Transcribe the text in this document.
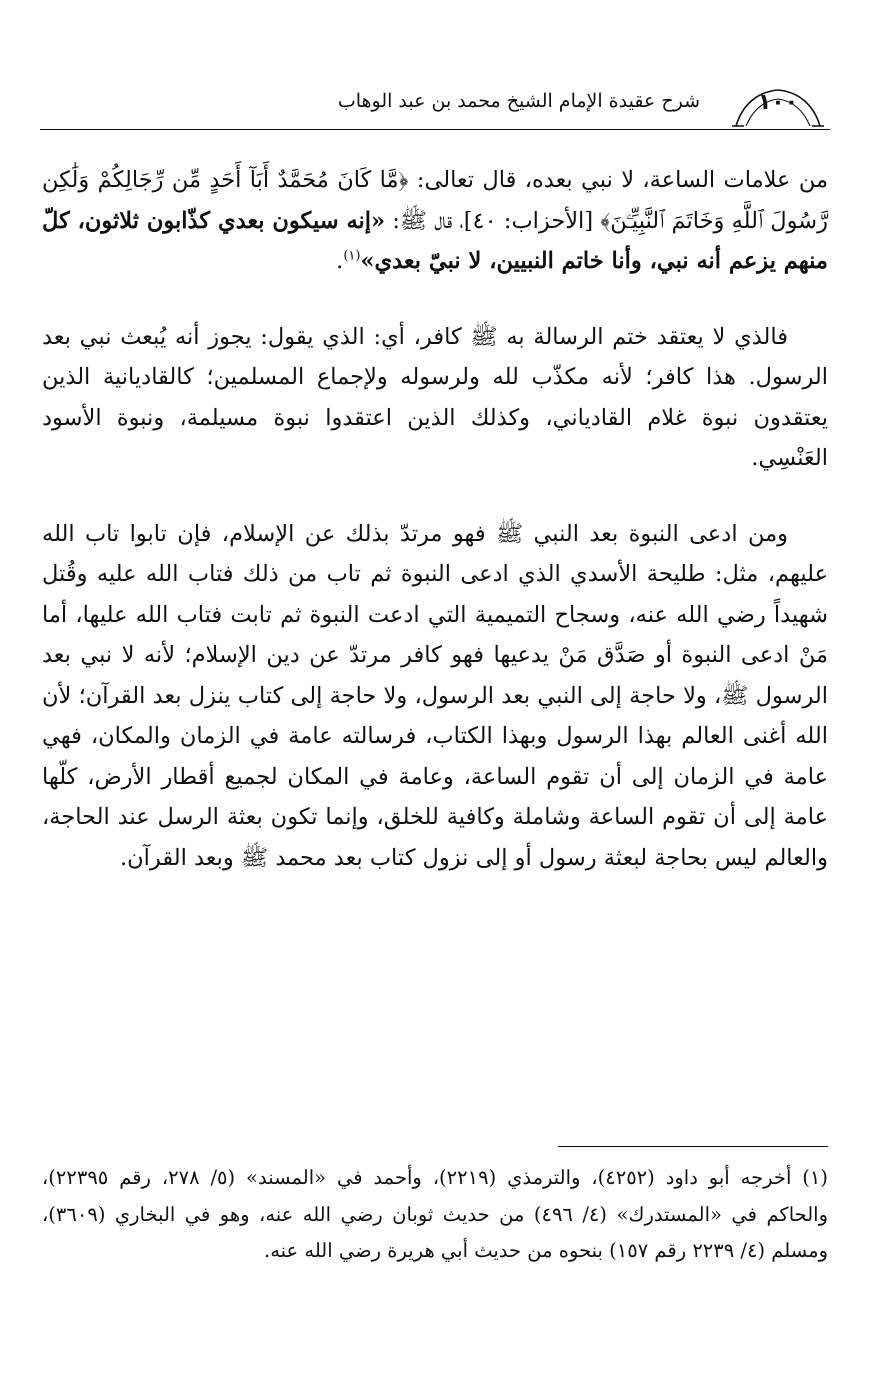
١٠٠
شرح عقيدة الإمام الشيخ محمد بن عبد الوهاب

من علامات الساعة، لا نبي بعده، قال تعالى: ﴿مَّا كَانَ مُحَمَّدٌ أَبَآ أَحَدٍ مِّن رِّجَالِكُمْ وَلَٰكِن رَّسُولَ ٱللَّهِ وَخَاتَمَ ٱلنَّبِيِّـۧنَ﴾ [الأحزاب: ٤٠]، قال ﷺ: «إنه سيكون بعدي كذّابون ثلاثون، كلّ منهم يزعم أنه نبي، وأنا خاتم النبيين، لا نبيّ بعدي»$^{(١)}$.

فالذي لا يعتقد ختم الرسالة به ﷺ كافر، أي: الذي يقول: يجوز أنه يُبعث نبي بعد الرسول. هذا كافر؛ لأنه مكذّب لله ولرسوله ولإجماع المسلمين؛ كالقاديانية الذين يعتقدون نبوة غلام القادياني، وكذلك الذين اعتقدوا نبوة مسيلمة، ونبوة الأسود العَنْسِي.

ومن ادعى النبوة بعد النبي ﷺ فهو مرتدّ بذلك عن الإسلام، فإن تابوا تاب الله عليهم، مثل: طليحة الأسدي الذي ادعى النبوة ثم تاب من ذلك فتاب الله عليه وقُتل شهيداً رضي الله عنه، وسجاح التميمية التي ادعت النبوة ثم تابت فتاب الله عليها، أما مَنْ ادعى النبوة أو صَدَّق مَنْ يدعيها فهو كافر مرتدّ عن دين الإسلام؛ لأنه لا نبي بعد الرسول ﷺ، ولا حاجة إلى النبي بعد الرسول، ولا حاجة إلى كتاب ينزل بعد القرآن؛ لأن الله أغنى العالم بهذا الرسول وبهذا الكتاب، فرسالته عامة في الزمان والمكان، فهي عامة في الزمان إلى أن تقوم الساعة، وعامة في المكان لجميع أقطار الأرض، كلّها عامة إلى أن تقوم الساعة وشاملة وكافية للخلق، وإنما تكون بعثة الرسل عند الحاجة، والعالم ليس بحاجة لبعثة رسول أو إلى نزول كتاب بعد محمد ﷺ وبعد القرآن.

(١) أخرجه أبو داود (٤٢٥٢)، والترمذي (٢٢١٩)، وأحمد في «المسند» (٥/ ٢٧٨، رقم ٢٢٣٩٥)، والحاكم في «المستدرك» (٤/ ٤٩٦) من حديث ثوبان رضي الله عنه، وهو في البخاري (٣٦٠٩)، ومسلم (٤/ ٢٢٣٩ رقم ١٥٧) بنحوه من حديث أبي هريرة رضي الله عنه.
